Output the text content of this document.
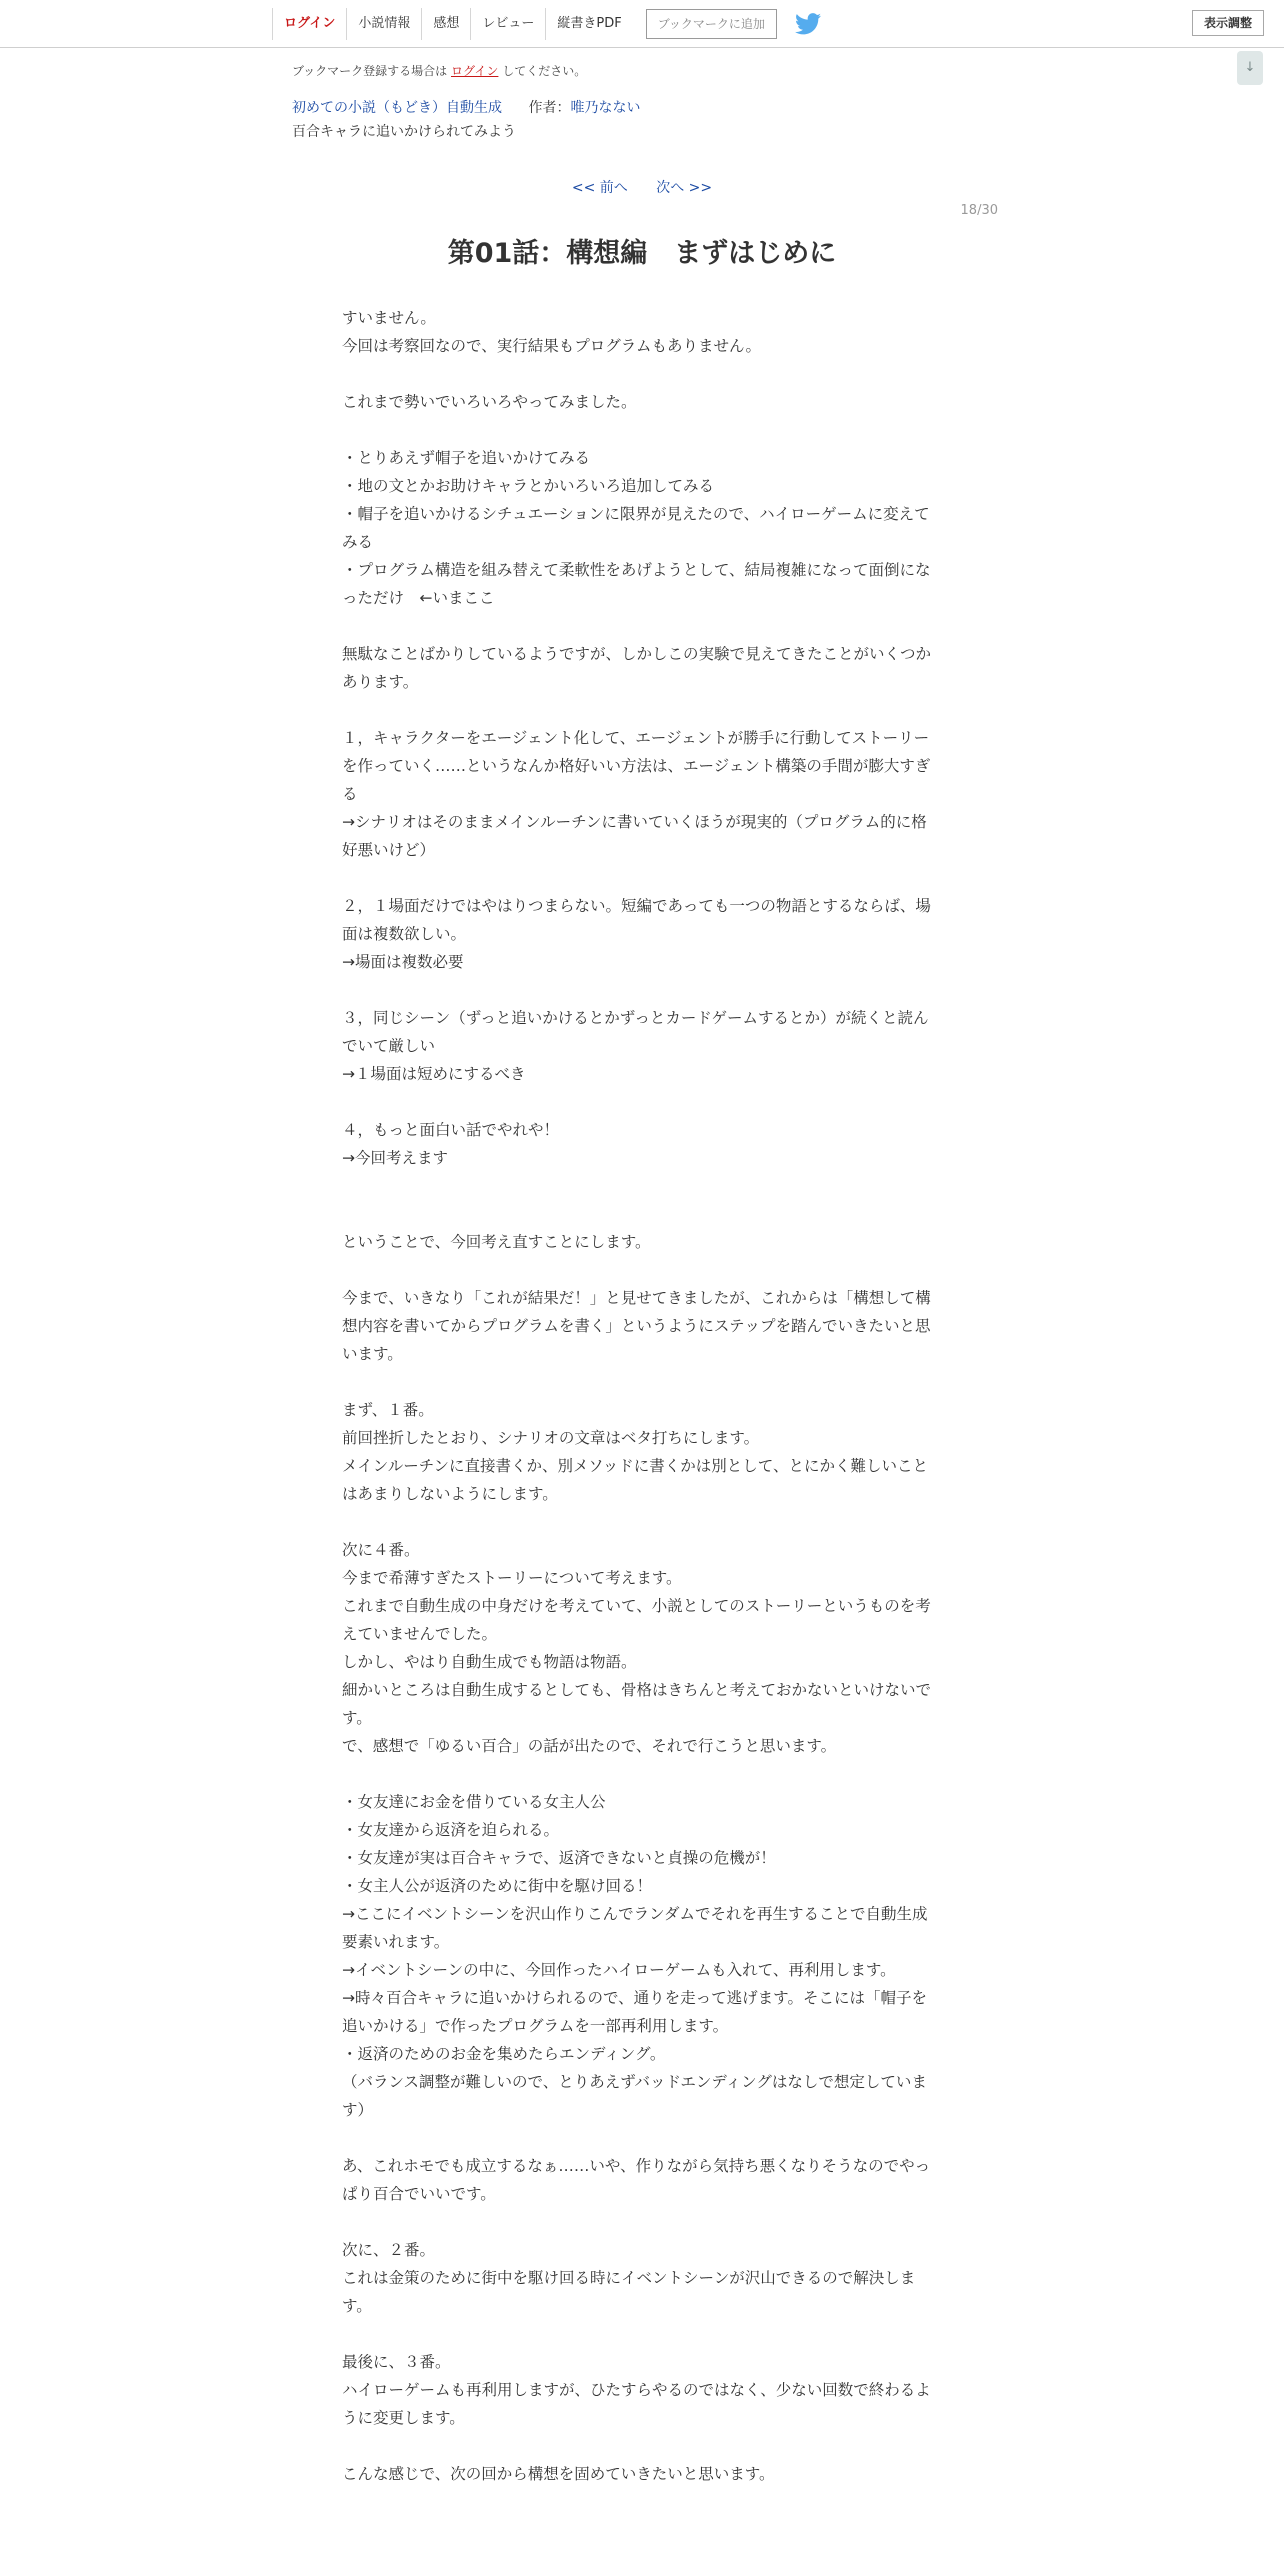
ログイン	小説情報	感想	レビュー	縦書きPDF	ブックマークに追加	表示調整
↓
ブックマーク登録する場合は ログイン してください。
初めての小説（もどき）自動生成 作者：唯乃なない
百合キャラに追いかけられてみよう
<< 前へ 次へ >>
18/30
第01話：構想編　まずはじめに

すいません。

今回は考察回なので、実行結果もプログラムもありません。

これまで勢いでいろいろやってみました。

・とりあえず帽子を追いかけてみる

・地の文とかお助けキャラとかいろいろ追加してみる

・帽子を追いかけるシチュエーションに限界が見えたので、ハイローゲームに変えてみる

・プログラム構造を組み替えて柔軟性をあげようとして、結局複雑になって面倒になっただけ　←いまここ

無駄なことばかりしているようですが、しかしこの実験で見えてきたことがいくつかあります。

１，キャラクターをエージェント化して、エージェントが勝手に行動してストーリーを作っていく……というなんか格好いい方法は、エージェント構築の手間が膨大すぎる

→シナリオはそのままメインルーチンに書いていくほうが現実的（プログラム的に格好悪いけど）

２，１場面だけではやはりつまらない。短編であっても一つの物語とするならば、場面は複数欲しい。

→場面は複数必要

３，同じシーン（ずっと追いかけるとかずっとカードゲームするとか）が続くと読んでいて厳しい

→１場面は短めにするべき

４，もっと面白い話でやれや！

→今回考えます

ということで、今回考え直すことにします。

今まで、いきなり「これが結果だ！」と見せてきましたが、これからは「構想して構想内容を書いてからプログラムを書く」というようにステップを踏んでいきたいと思います。

まず、１番。

前回挫折したとおり、シナリオの文章はベタ打ちにします。

メインルーチンに直接書くか、別メソッドに書くかは別として、とにかく難しいことはあまりしないようにします。

次に４番。

今まで希薄すぎたストーリーについて考えます。

これまで自動生成の中身だけを考えていて、小説としてのストーリーというものを考えていませんでした。

しかし、やはり自動生成でも物語は物語。

細かいところは自動生成するとしても、骨格はきちんと考えておかないといけないです。

で、感想で「ゆるい百合」の話が出たので、それで行こうと思います。

・女友達にお金を借りている女主人公

・女友達から返済を迫られる。

・女友達が実は百合キャラで、返済できないと貞操の危機が！

・女主人公が返済のために街中を駆け回る！

→ここにイベントシーンを沢山作りこんでランダムでそれを再生することで自動生成要素いれます。

→イベントシーンの中に、今回作ったハイローゲームも入れて、再利用します。

→時々百合キャラに追いかけられるので、通りを走って逃げます。そこには「帽子を追いかける」で作ったプログラムを一部再利用します。

・返済のためのお金を集めたらエンディング。

（バランス調整が難しいので、とりあえずバッドエンディングはなしで想定しています）

あ、これホモでも成立するなぁ……いや、作りながら気持ち悪くなりそうなのでやっぱり百合でいいです。

次に、２番。

これは金策のために街中を駆け回る時にイベントシーンが沢山できるので解決します。

最後に、３番。

ハイローゲームも再利用しますが、ひたすらやるのではなく、少ない回数で終わるように変更します。

こんな感じで、次の回から構想を固めていきたいと思います。
